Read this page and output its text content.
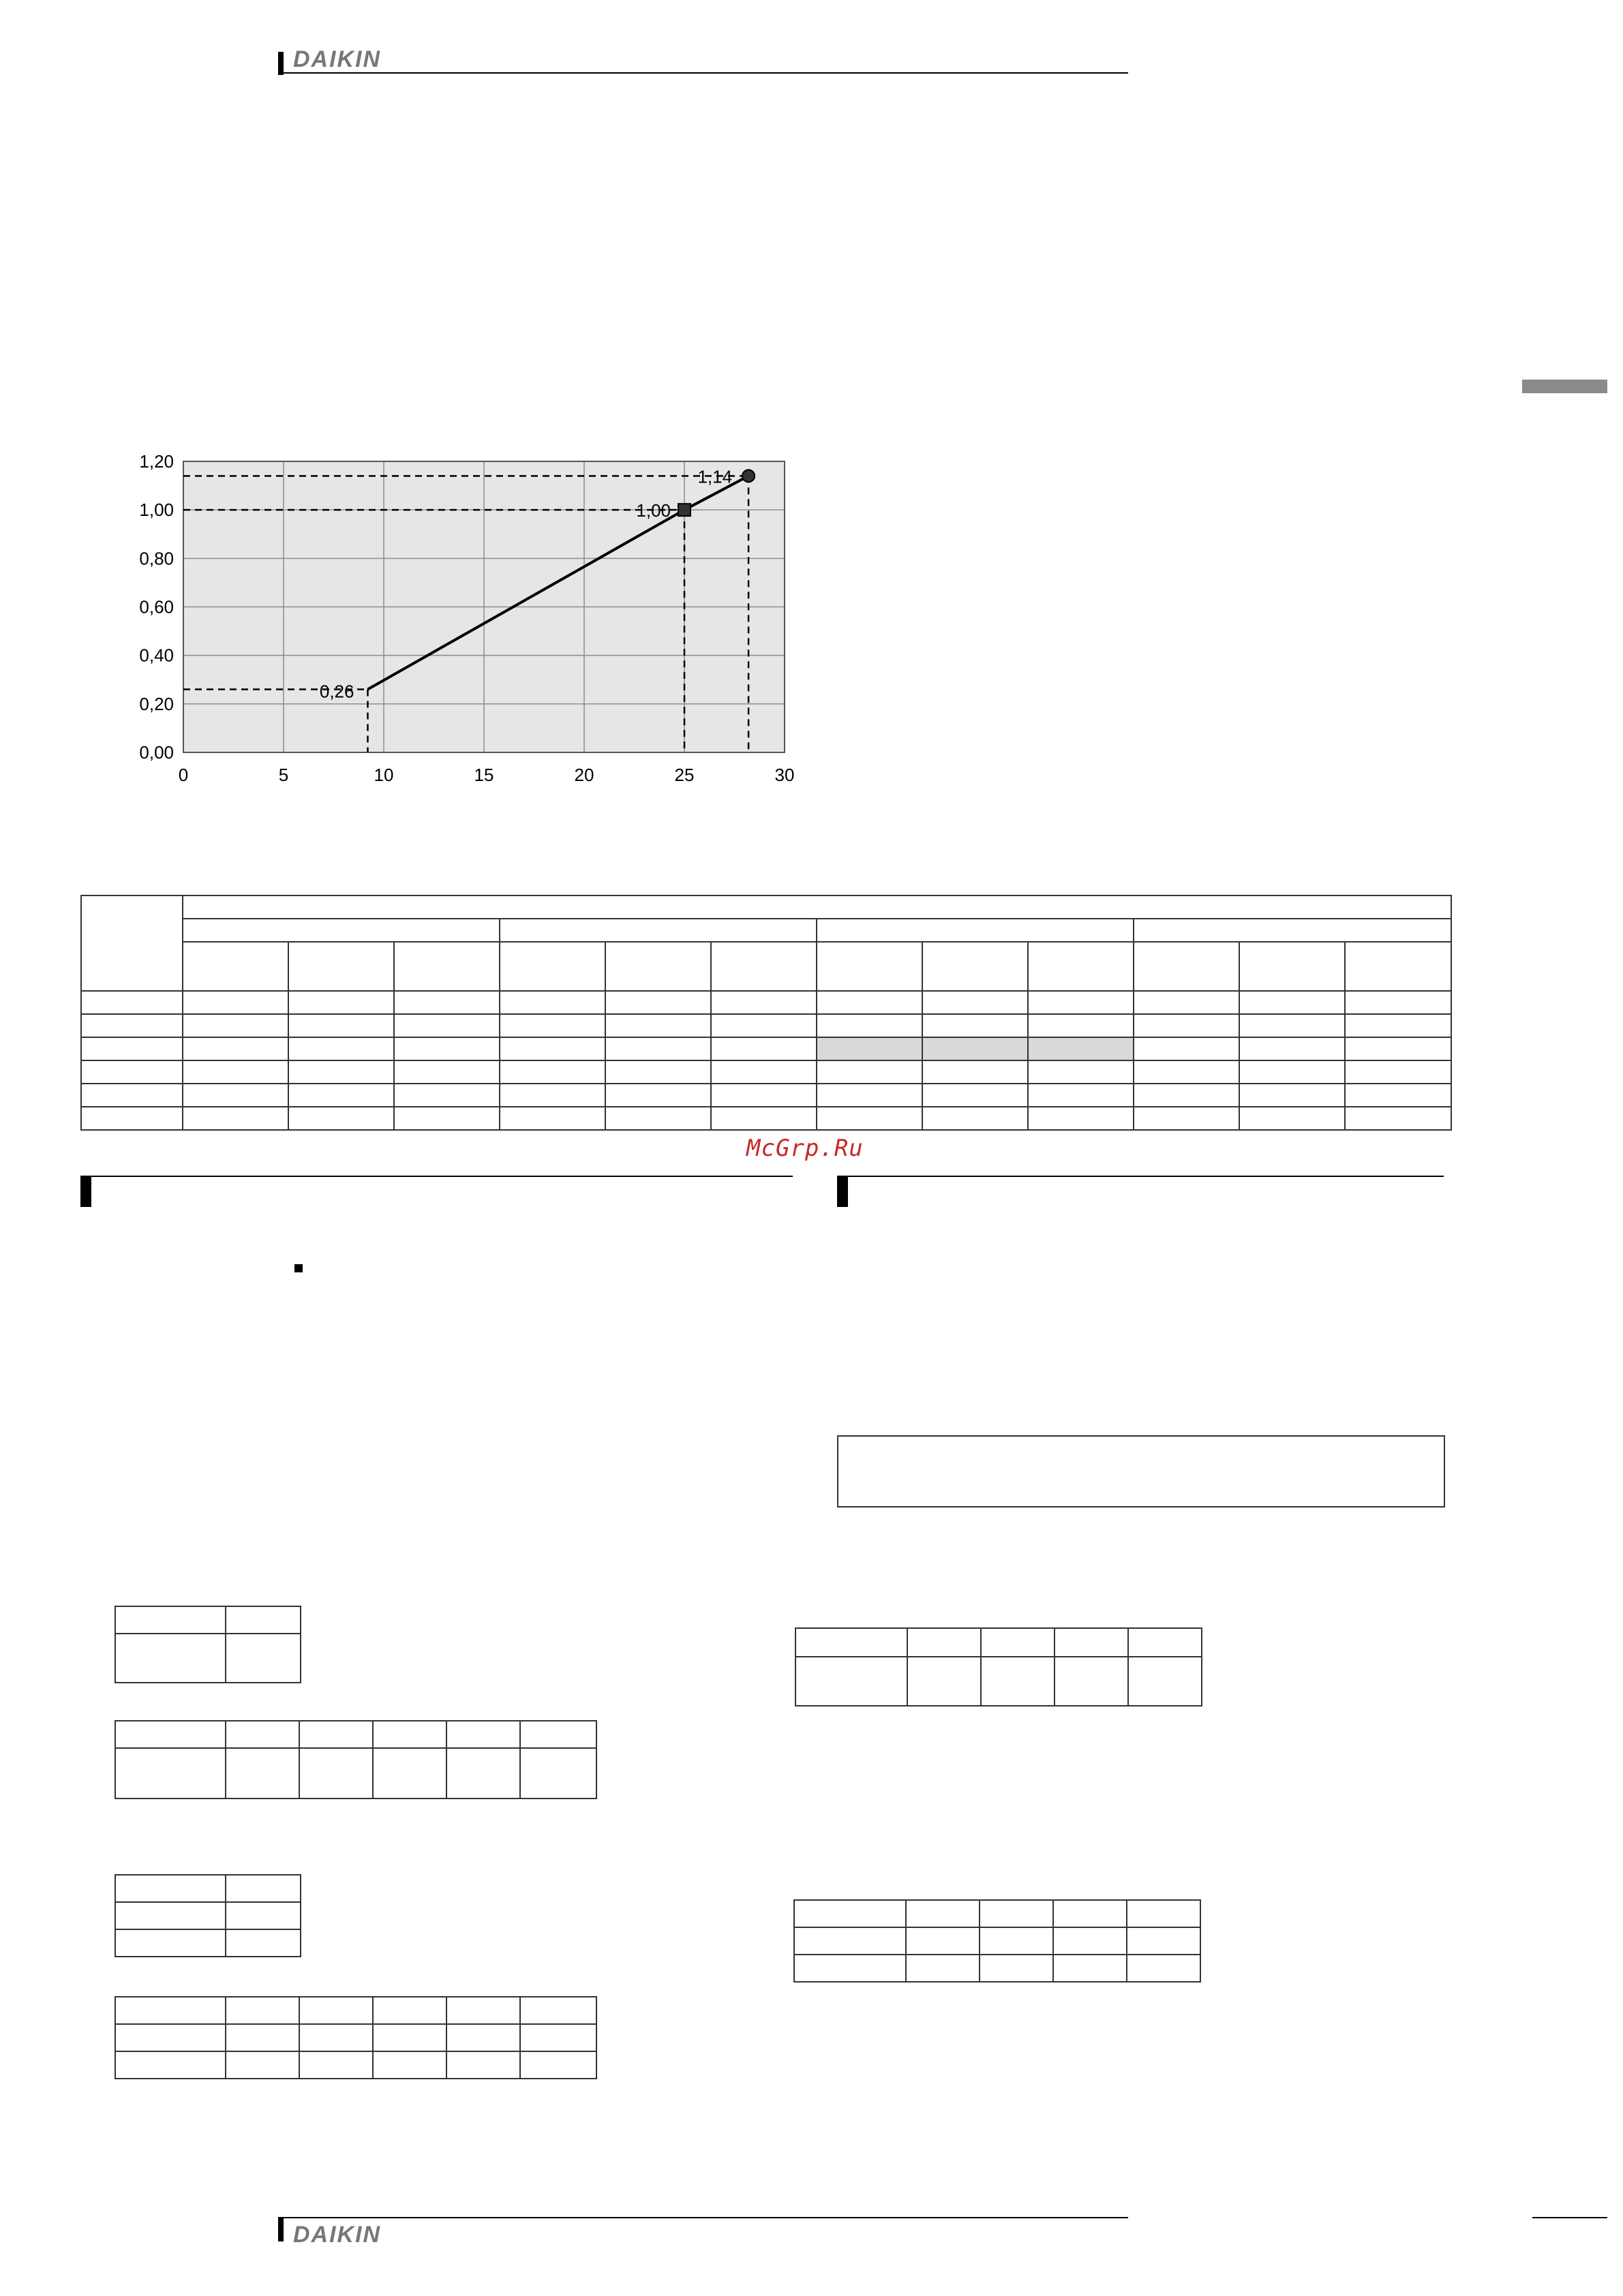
DAIKIN
0	5	10	15	20	25	30
0,00
0,20
0,40
0,60
0,80
1,00
1,20
0,26
1,00
1,14

McGrp.Ru

DAIKIN
